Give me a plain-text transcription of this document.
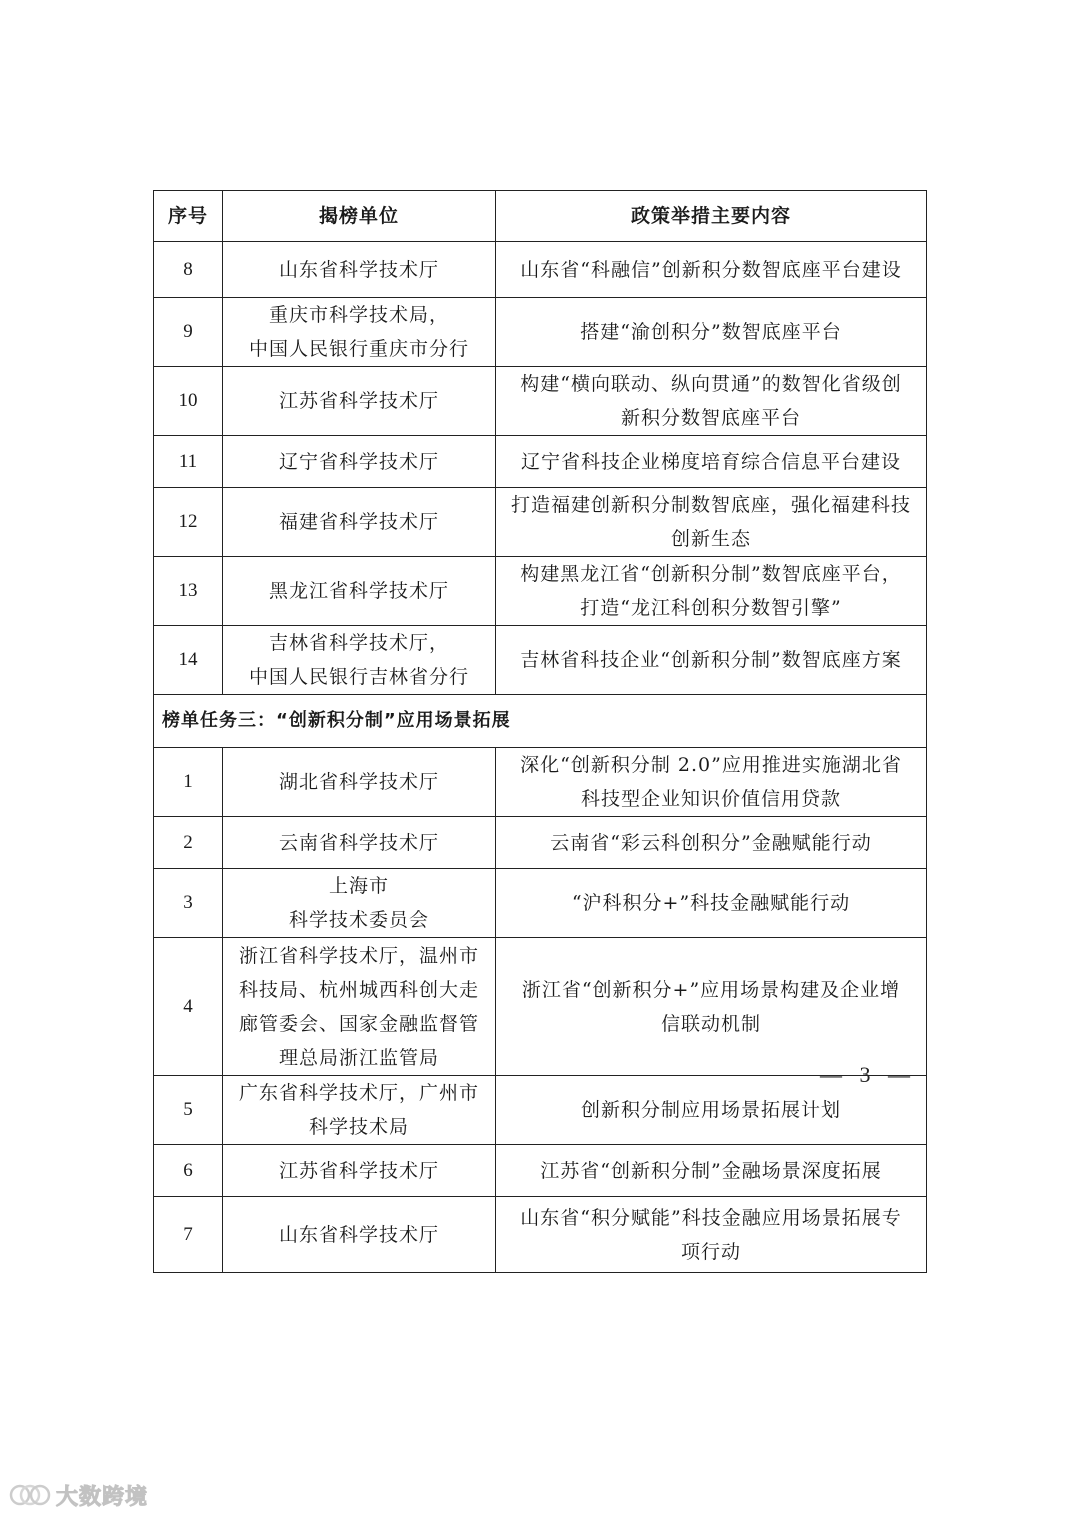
序号	揭榜单位	政策举措主要内容
8	山东省科学技术厅	山东省“科融信”创新积分数智底座平台建设

9	重庆市科学技术局，
中国人民银行重庆市分行	搭建“渝创积分”数智底座平台

10	江苏省科学技术厅	构建“横向联动、纵向贯通”的数智化省级创
新积分数智底座平台

11	辽宁省科学技术厅	辽宁省科技企业梯度培育综合信息平台建设

12	福建省科学技术厅	打造福建创新积分制数智底座，强化福建科技
创新生态

13	黑龙江省科学技术厅	构建黑龙江省“创新积分制”数智底座平台，
打造“龙江科创积分数智引擎”

14	吉林省科学技术厅，
中国人民银行吉林省分行	吉林省科技企业“创新积分制”数智底座方案

榜单任务三：“创新积分制”应用场景拓展		
1	湖北省科学技术厅	深化“创新积分制 2.0”应用推进实施湖北省
科技型企业知识价值信用贷款

2	云南省科学技术厅	云南省“彩云科创积分”金融赋能行动

3	上海市
科学技术委员会	“沪科积分+”科技金融赋能行动

4	浙江省科学技术厅，温州市
科技局、杭州城西科创大走
廊管委会、国家金融监督管
理总局浙江监管局	浙江省“创新积分+”应用场景构建及企业增
信联动机制

5	广东省科学技术厅，广州市
科学技术局	创新积分制应用场景拓展计划

6	江苏省科学技术厅	江苏省“创新积分制”金融场景深度拓展

7	山东省科学技术厅	山东省“积分赋能”科技金融应用场景拓展专
项行动
— 3 —
大数跨境
